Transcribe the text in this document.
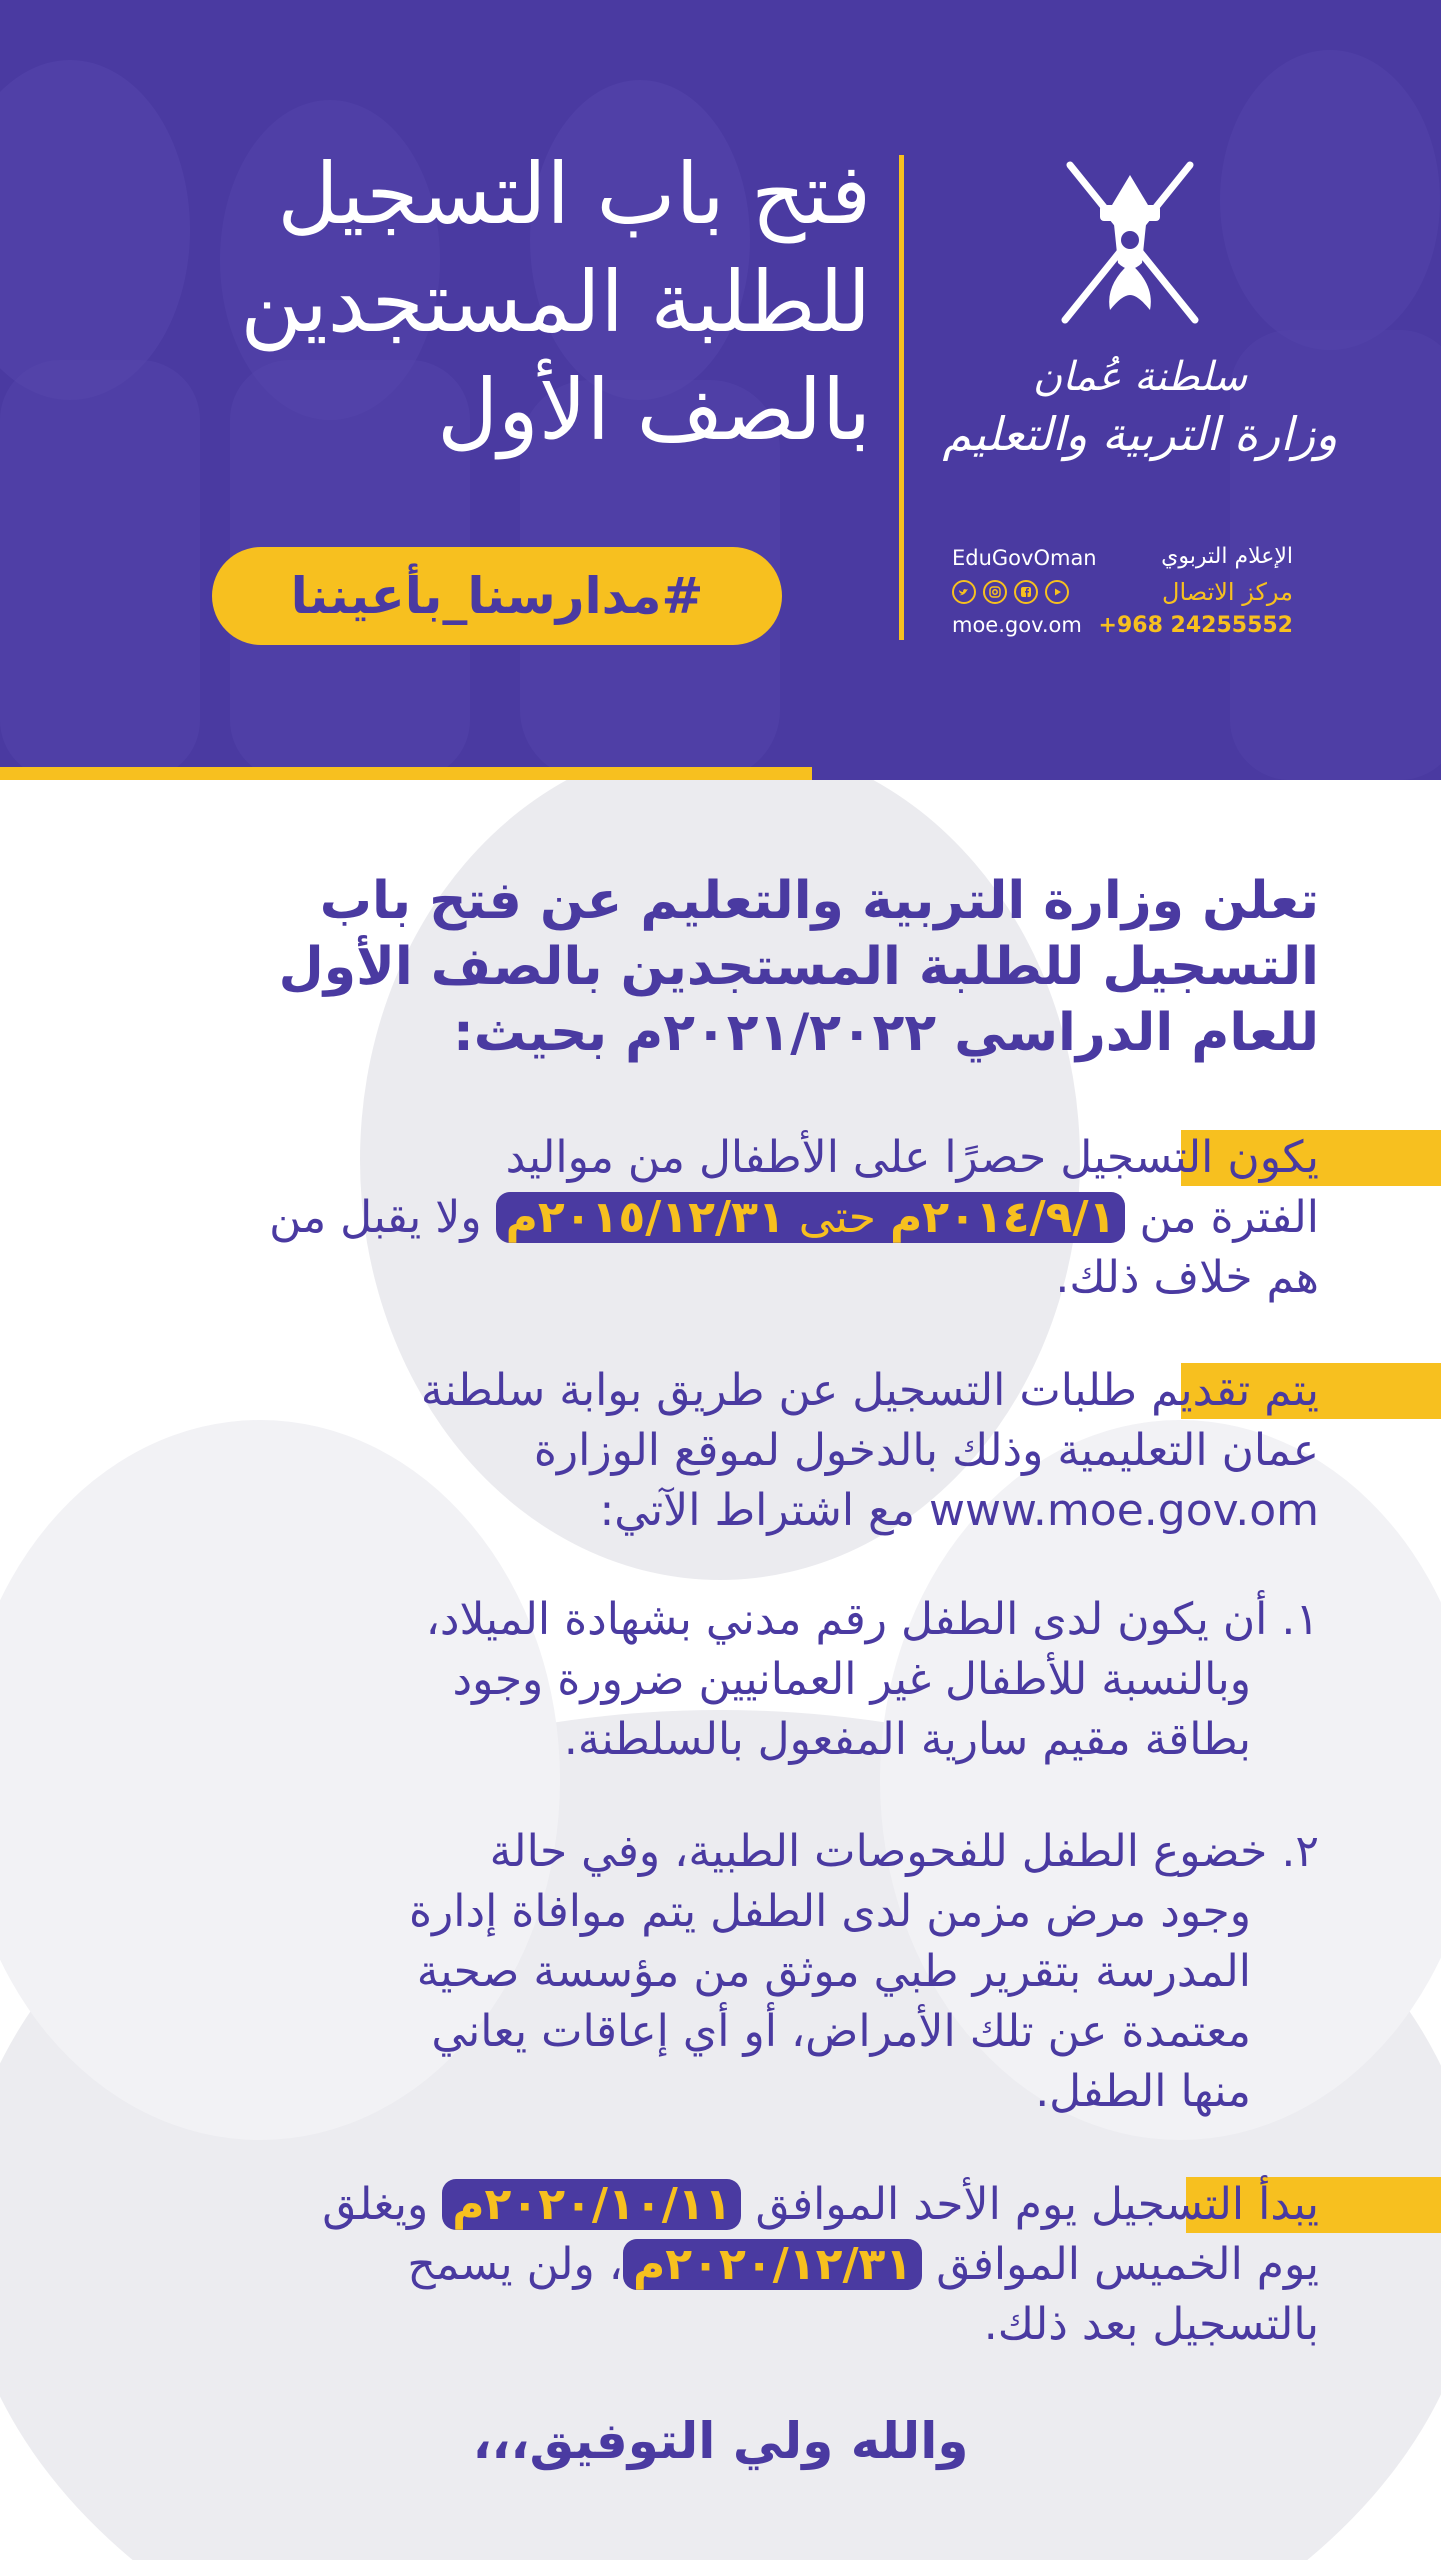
فتح باب التسجيل
للطلبة المستجدين
بالصف الأول
#مدارسنا_بأعيننا
سلطنة عُمان
وزارة التربية والتعليم
الإعلام التربوي
مركز الاتصال
+968 24255552
EduGovOman
moe.gov.om
تعلن وزارة التربية والتعليم عن فتح باب
التسجيل للطلبة المستجدين بالصف الأول
للعام الدراسي ٢٠٢١/٢٠٢٢م بحيث:
يكون التسجيل حصرًا على الأطفال من مواليد
الفترة من ٢٠١٤/٩/١م حتى ٢٠١٥/١٢/٣١م ولا يقبل من
هم خلاف ذلك.
يتم تقديم طلبات التسجيل عن طريق بوابة سلطنة
عمان التعليمية وذلك بالدخول لموقع الوزارة
www.moe.gov.om مع اشتراط الآتي:
١. أن يكون لدى الطفل رقم مدني بشهادة الميلاد،
وبالنسبة للأطفال غير العمانيين ضرورة وجود
بطاقة مقيم سارية المفعول بالسلطنة.
٢. خضوع الطفل للفحوصات الطبية، وفي حالة
وجود مرض مزمن لدى الطفل يتم موافاة إدارة
المدرسة بتقرير طبي موثق من مؤسسة صحية
معتمدة عن تلك الأمراض، أو أي إعاقات يعاني
منها الطفل.
يبدأ التسجيل يوم الأحد الموافق ٢٠٢٠/١٠/١١م ويغلق
يوم الخميس الموافق ٢٠٢٠/١٢/٣١م، ولن يسمح
بالتسجيل بعد ذلك.
والله ولي التوفيق،،،
